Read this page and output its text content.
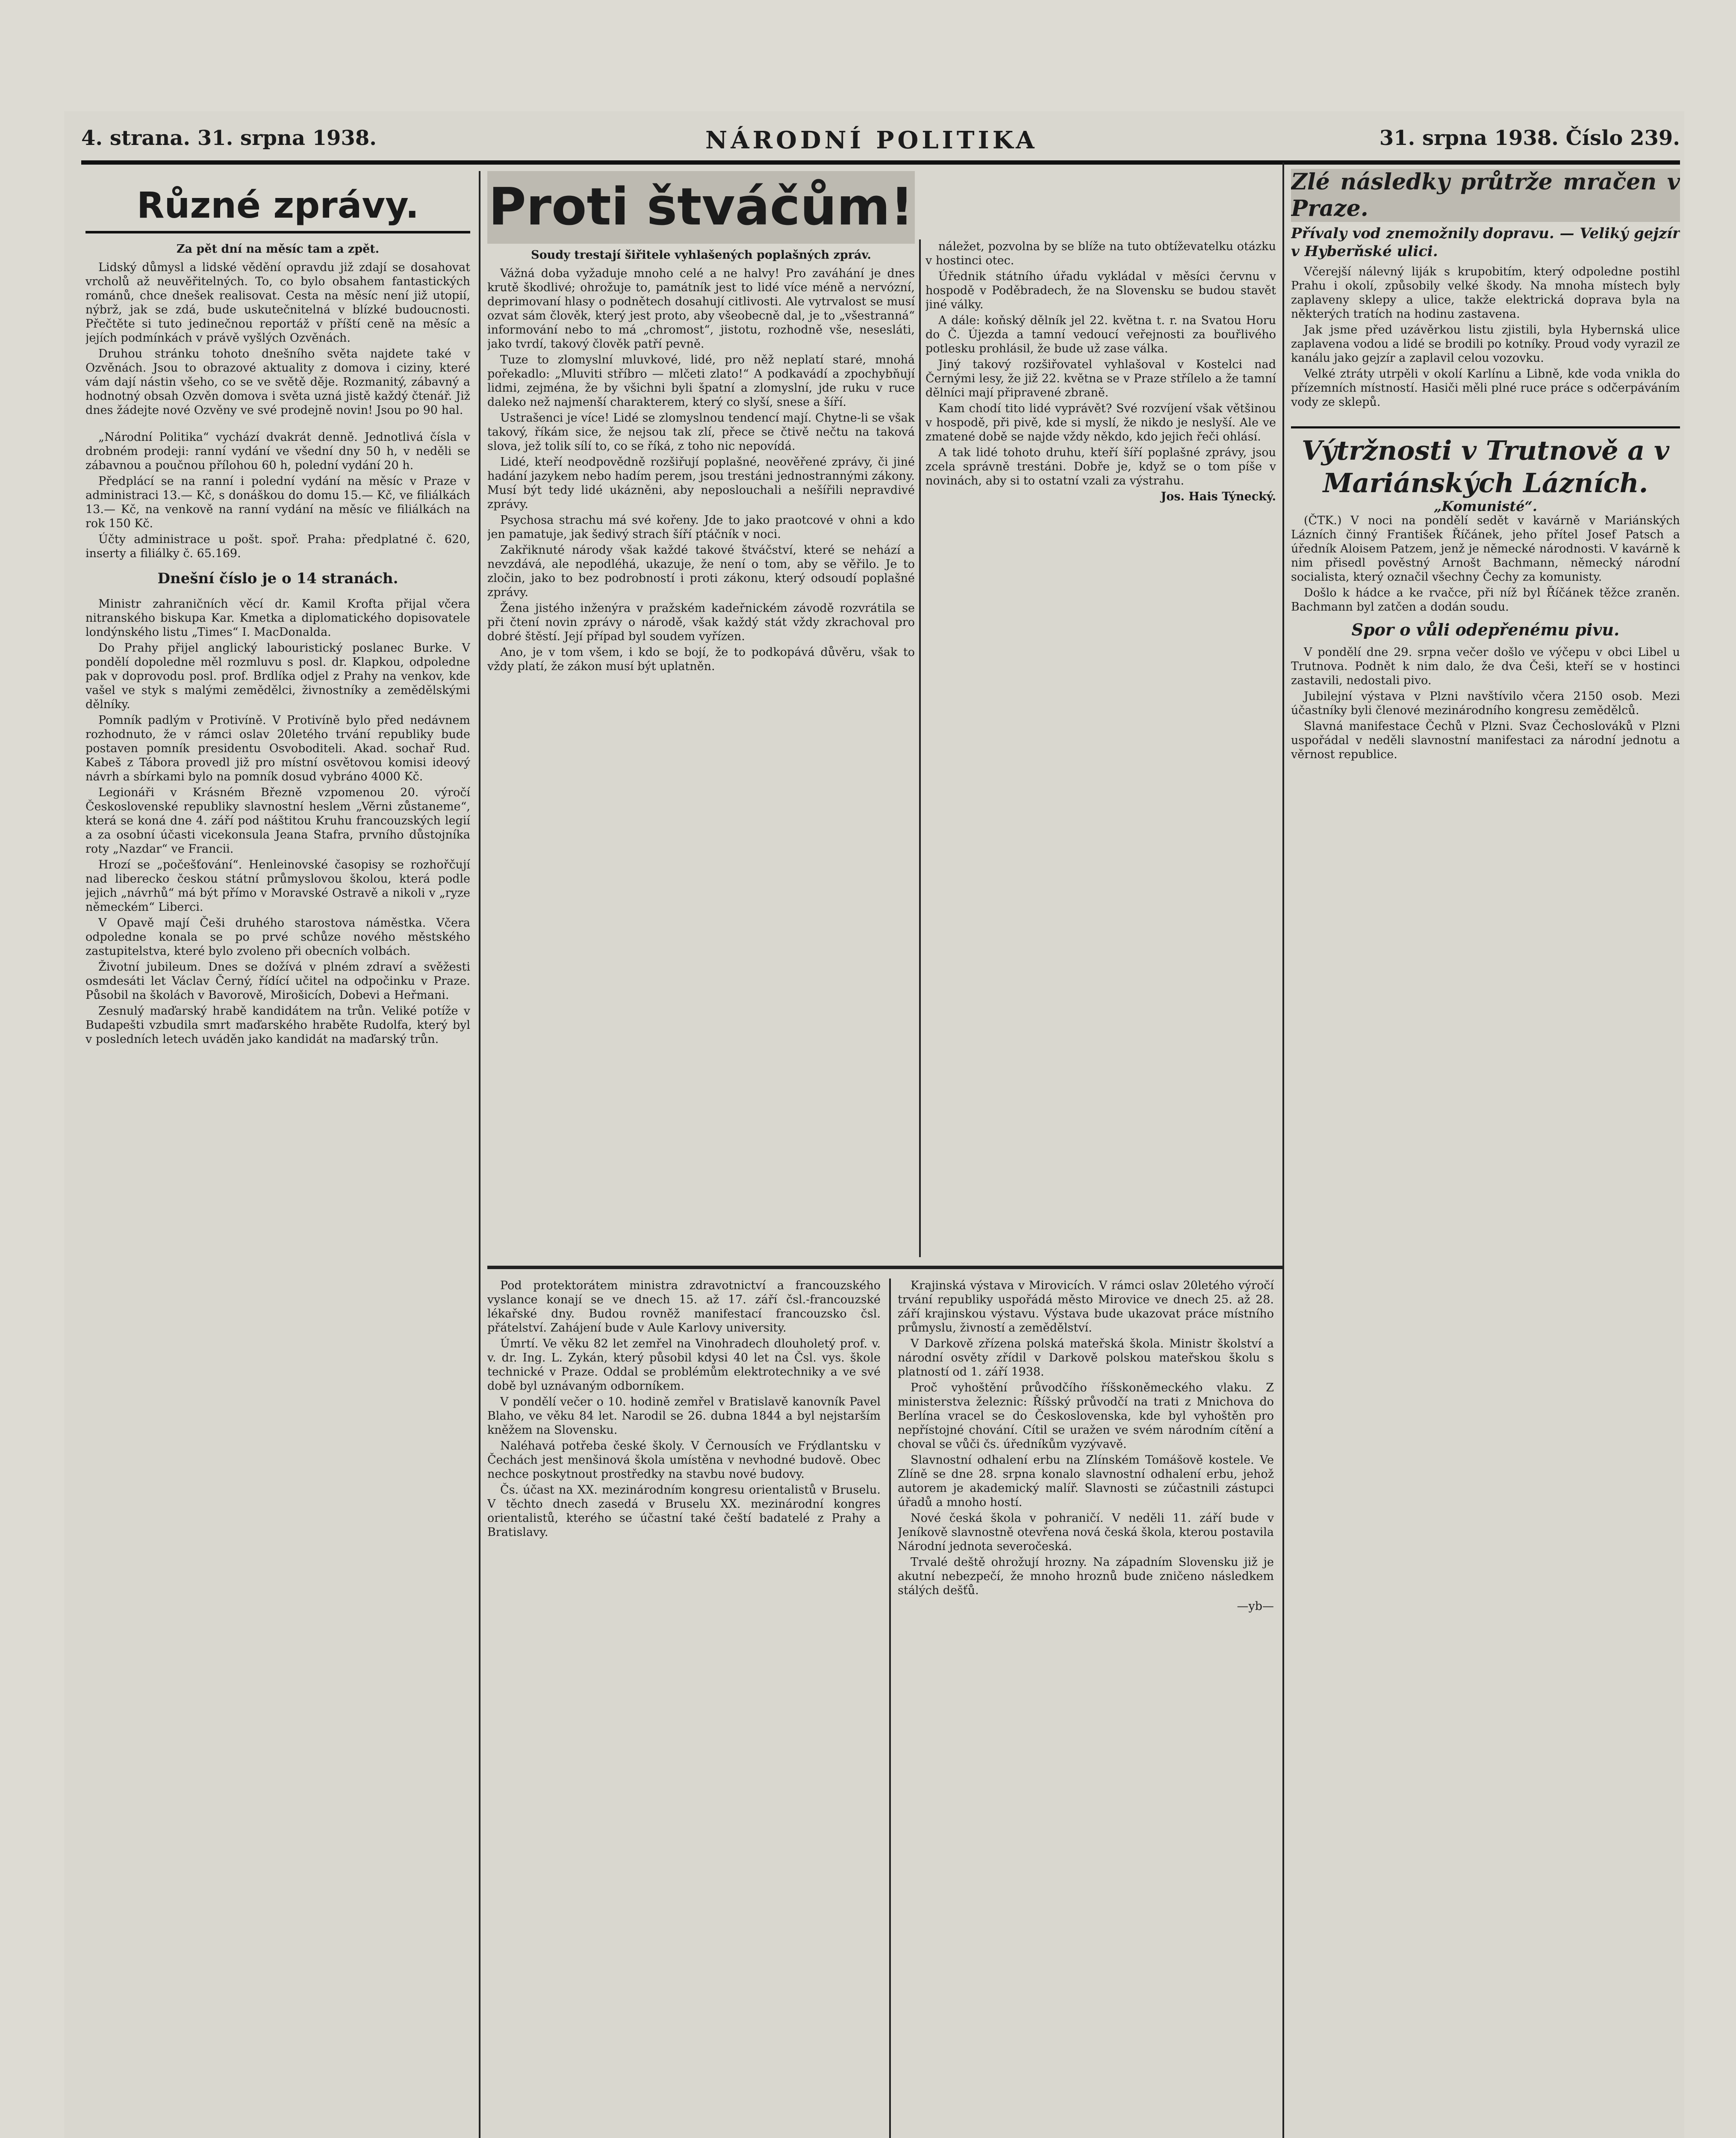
4. strana. 31. srpna 1938.	NÁRODNÍ POLITIKA	31. srpna 1938. Číslo 239.
Různé zprávy.
Za pět dní na měsíc tam a zpět.

Lidský důmysl a lidské vědění opravdu již zdají se dosahovat vrcholů až neuvěřitelných. To, co bylo obsahem fantastických románů, chce dnešek realisovat. Cesta na měsíc není již utopií, nýbrž, jak se zdá, bude uskutečnitelná v blízké budoucnosti. Přečtěte si tuto jedinečnou reportáž v příští ceně na měsíc a jejích podmínkách v právě vyšlých Ozvěnách.

Druhou stránku tohoto dnešního světa najdete také v Ozvěnách. Jsou to obrazové aktuality z domova i ciziny, které vám dají nástin všeho, co se ve světě děje. Rozmanitý, zábavný a hodnotný obsah Ozvěn domova i světa uzná jistě každý čtenář. Již dnes žádejte nové Ozvěny ve své prodejně novin! Jsou po 90 hal.

„Národní Politika“ vychází dvakrát denně. Jednotlivá čísla v drobném prodeji: ranní vydání ve všední dny 50 h, v neděli se zábavnou a poučnou přílohou 60 h, polední vydání 20 h.

Předplácí se na ranní i polední vydání na měsíc v Praze v administraci 13.— Kč, s donáškou do domu 15.— Kč, ve filiálkách 13.— Kč, na venkově na ranní vydání na měsíc ve filiálkách na rok 150 Kč.

Účty administrace u pošt. spoř. Praha: předplatné č. 620, inserty a filiálky č. 65.169.

Dnešní číslo je o 14 stranách.

Ministr zahraničních věcí dr. Kamil Krofta přijal včera nitranského biskupa Kar. Kmetka a diplomatického dopisovatele londýnského listu „Times“ I. MacDonalda.

Do Prahy přijel anglický labouristický poslanec Burke. V pondělí dopoledne měl rozmluvu s posl. dr. Klapkou, odpoledne pak v doprovodu posl. prof. Brdlíka odjel z Prahy na venkov, kde vašel ve styk s malými zemědělci, živnostníky a zemědělskými dělníky.

Pomník padlým v Protivíně. V Protivíně bylo před nedávnem rozhodnuto, že v rámci oslav 20letého trvání republiky bude postaven pomník presidentu Osvoboditeli. Akad. sochař Rud. Kabeš z Tábora provedl již pro místní osvětovou komisi ideový návrh a sbírkami bylo na pomník dosud vybráno 4000 Kč.

Legionáři v Krásném Březně vzpomenou 20. výročí Československé republiky slavnostní heslem „Věrni zůstaneme“, která se koná dne 4. září pod náštitou Kruhu francouzských legií a za osobní účasti vicekonsula Jeana Stafra, prvního důstojníka roty „Nazdar“ ve Francii.

Hrozí se „počešťování“. Henleinovské časopisy se rozhořčují nad liberecko českou státní průmyslovou školou, která podle jejich „návrhů“ má být přímo v Moravské Ostravě a nikoli v „ryze německém“ Liberci.

V Opavě mají Češi druhého starostova náměstka. Včera odpoledne konala se po prvé schůze nového městského zastupitelstva, které bylo zvoleno při obecních volbách.

Životní jubileum. Dnes se dožívá v plném zdraví a svěžesti osmdesáti let Václav Černý, řídící učitel na odpočinku v Praze. Působil na školách v Bavorově, Mirošicích, Dobevi a Heřmani.

Zesnulý maďarský hrabě kandidátem na trůn. Veliké potíže v Budapešti vzbudila smrt maďarského hraběte Rudolfa, který byl v posledních letech uváděn jako kandidát na maďarský trůn.

Proti štváčům!
Soudy trestají šiřitele vyhlašených poplašných zpráv.

Vážná doba vyžaduje mnoho celé a ne halvy! Pro zaváhání je dnes krutě škodlivé; ohrožuje to, památník jest to lidé více méně a nervózní, deprimovaní hlasy o podnětech dosahují citlivosti. Ale vytrvalost se musí ozvat sám člověk, který jest proto, aby všeobecně dal, je to „všestranná“ informování nebo to má „chromost“, jistotu, rozhodně vše, nesesláti, jako tvrdí, takový člověk patří pevně.

Tuze to zlomyslní mluvkové, lidé, pro něž neplatí staré, mnohá pořekadlo: „Mluviti stříbro — mlčeti zlato!“ A podkavádí a zpochybňují lidmi, zejména, že by všichni byli špatní a zlomyslní, jde ruku v ruce daleko než najmenší charakterem, který co slyší, snese a šíří.

Ustrašenci je více! Lidé se zlomyslnou tendencí mají. Chytne-li se však takový, říkám sice, že nejsou tak zlí, přece se čtivě nečtu na taková slova, jež tolik sílí to, co se říká, z toho nic nepovídá.

Lidé, kteří neodpovědně rozšiřují poplašné, neověřené zprávy, či jiné hadání jazykem nebo hadím perem, jsou trestáni jednostrannými zákony. Musí být tedy lidé ukázněni, aby neposlouchali a nešířili nepravdivé zprávy.

Psychosa strachu má své kořeny. Jde to jako praotcové v ohni a kdo jen pamatuje, jak šedivý strach šíří ptáčník v noci.

Zakřiknuté národy však každé takové štváčství, které se nehází a nevzdává, ale nepodléhá, ukazuje, že není o tom, aby se věřilo. Je to zločin, jako to bez podrobností i proti zákonu, který odsoudí poplašné zprávy.

Žena jistého inženýra v pražském kadeřnickém závodě rozvrátila se při čtení novin zprávy o národě, však každý stát vždy zkrachoval pro dobré štěstí. Její případ byl soudem vyřízen.

Ano, je v tom všem, i kdo se bojí, že to podkopává důvěru, však to vždy platí, že zákon musí být uplatněn.

náležet, pozvolna by se blíže na tuto obtíževatelku otázku v hostinci otec.

Úřednik státního úřadu vykládal v měsíci červnu v hospodě v Poděbradech, že na Slovensku se budou stavět jiné války.

A dále: koňský dělník jel 22. května t. r. na Svatou Horu do Č. Újezda a tamní vedoucí veřejnosti za bouřlivého potlesku prohlásil, že bude už zase válka.

Jiný takový rozšiřovatel vyhlašoval v Kostelci nad Černými lesy, že již 22. května se v Praze střílelo a že tamní dělníci mají připravené zbraně.

Kam chodí tito lidé vyprávět? Své rozvíjení však většinou v hospodě, při pivě, kde si myslí, že nikdo je neslyší. Ale ve zmatené době se najde vždy někdo, kdo jejich řeči ohlásí.

A tak lidé tohoto druhu, kteří šíří poplašné zprávy, jsou zcela správně trestáni. Dobře je, když se o tom píše v novinách, aby si to ostatní vzali za výstrahu.

Jos. Hais Týnecký.

Zlé následky průtrže mračen v Praze.
Přívaly vod znemožnily dopravu. — Veliký gejzír v Hyberňské ulici.

Včerejší nálevný liják s krupobitím, který odpoledne postihl Prahu i okolí, způsobily velké škody. Na mnoha místech byly zaplaveny sklepy a ulice, takže elektrická doprava byla na některých tratích na hodinu zastavena.

Jak jsme před uzávěrkou listu zjistili, byla Hybernská ulice zaplavena vodou a lidé se brodili po kotníky. Proud vody vyrazil ze kanálu jako gejzír a zaplavil celou vozovku.

Velké ztráty utrpěli v okolí Karlínu a Libně, kde voda vnikla do přízemních místností. Hasiči měli plné ruce práce s odčerpáváním vody ze sklepů.

Výtržnosti v Trutnově a v Mariánských Lázních.
„Komunisté“.

(ČTK.) V noci na pondělí sedět v kavárně v Mariánských Lázních činný František Říčánek, jeho přítel Josef Patsch a úředník Aloisem Patzem, jenž je německé národnosti. V kavárně k nim přisedl pověstný Arnošt Bachmann, německý národní socialista, který označil všechny Čechy za komunisty.

Došlo k hádce a ke rvačce, při níž byl Říčánek těžce zraněn. Bachmann byl zatčen a dodán soudu.

Spor o vůli odepřenému pivu.

V pondělí dne 29. srpna večer došlo ve výčepu v obci Libel u Trutnova. Podnět k nim dalo, že dva Češi, kteří se v hostinci zastavili, nedostali pivo.

Jubilejní výstava v Plzni navštívilo včera 2150 osob. Mezi účastníky byli členové mezinárodního kongresu zemědělců.

Slavná manifestace Čechů v Plzni. Svaz Čechoslováků v Plzni uspořádal v neděli slavnostní manifestaci za národní jednotu a věrnost republice.

Pod protektorátem ministra zdravotnictví a francouzského vyslance konají se ve dnech 15. až 17. září čsl.-francouzské lékařské dny. Budou rovněž manifestací francouzsko čsl. přátelství. Zahájení bude v Aule Karlovy university.

Úmrtí. Ve věku 82 let zemřel na Vinohradech dlouholetý prof. v. v. dr. Ing. L. Zykán, který působil kdysi 40 let na Čsl. vys. škole technické v Praze. Oddal se problémům elektrotechniky a ve své době byl uznávaným odborníkem.

V pondělí večer o 10. hodině zemřel v Bratislavě kanovník Pavel Blaho, ve věku 84 let. Narodil se 26. dubna 1844 a byl nejstarším kněžem na Slovensku.

Naléhavá potřeba české školy. V Černousích ve Frýdlantsku v Čechách jest menšinová škola umístěna v nevhodné budově. Obec nechce poskytnout prostředky na stavbu nové budovy.

Čs. účast na XX. mezinárodním kongresu orientalistů v Bruselu. V těchto dnech zasedá v Bruselu XX. mezinárodní kongres orientalistů, kterého se účastní také čeští badatelé z Prahy a Bratislavy.

Krajinská výstava v Mirovicích. V rámci oslav 20letého výročí trvání republiky uspořádá město Mirovice ve dnech 25. až 28. září krajinskou výstavu. Výstava bude ukazovat práce místního průmyslu, živností a zemědělství.

V Darkově zřízena polská mateřská škola. Ministr školství a národní osvěty zřídil v Darkově polskou mateřskou školu s platností od 1. září 1938.

Proč vyhoštění průvodčího říšskoněmeckého vlaku. Z ministerstva železnic: Říšský průvodčí na trati z Mnichova do Berlína vracel se do Československa, kde byl vyhoštěn pro nepřístojné chování. Cítil se uražen ve svém národním cítění a choval se vůči čs. úředníkům vyzývavě.

Slavnostní odhalení erbu na Zlínském Tomášově kostele. Ve Zlíně se dne 28. srpna konalo slavnostní odhalení erbu, jehož autorem je akademický malíř. Slavnosti se zúčastnili zástupci úřadů a mnoho hostí.

Nové česká škola v pohraničí. V neděli 11. září bude v Jeníkově slavnostně otevřena nová česká škola, kterou postavila Národní jednota severočeská.

Trvalé deště ohrožují hrozny. Na západním Slovensku již je akutní nebezpečí, že mnoho hroznů bude zničeno následkem stálých dešťů.

—yb—
